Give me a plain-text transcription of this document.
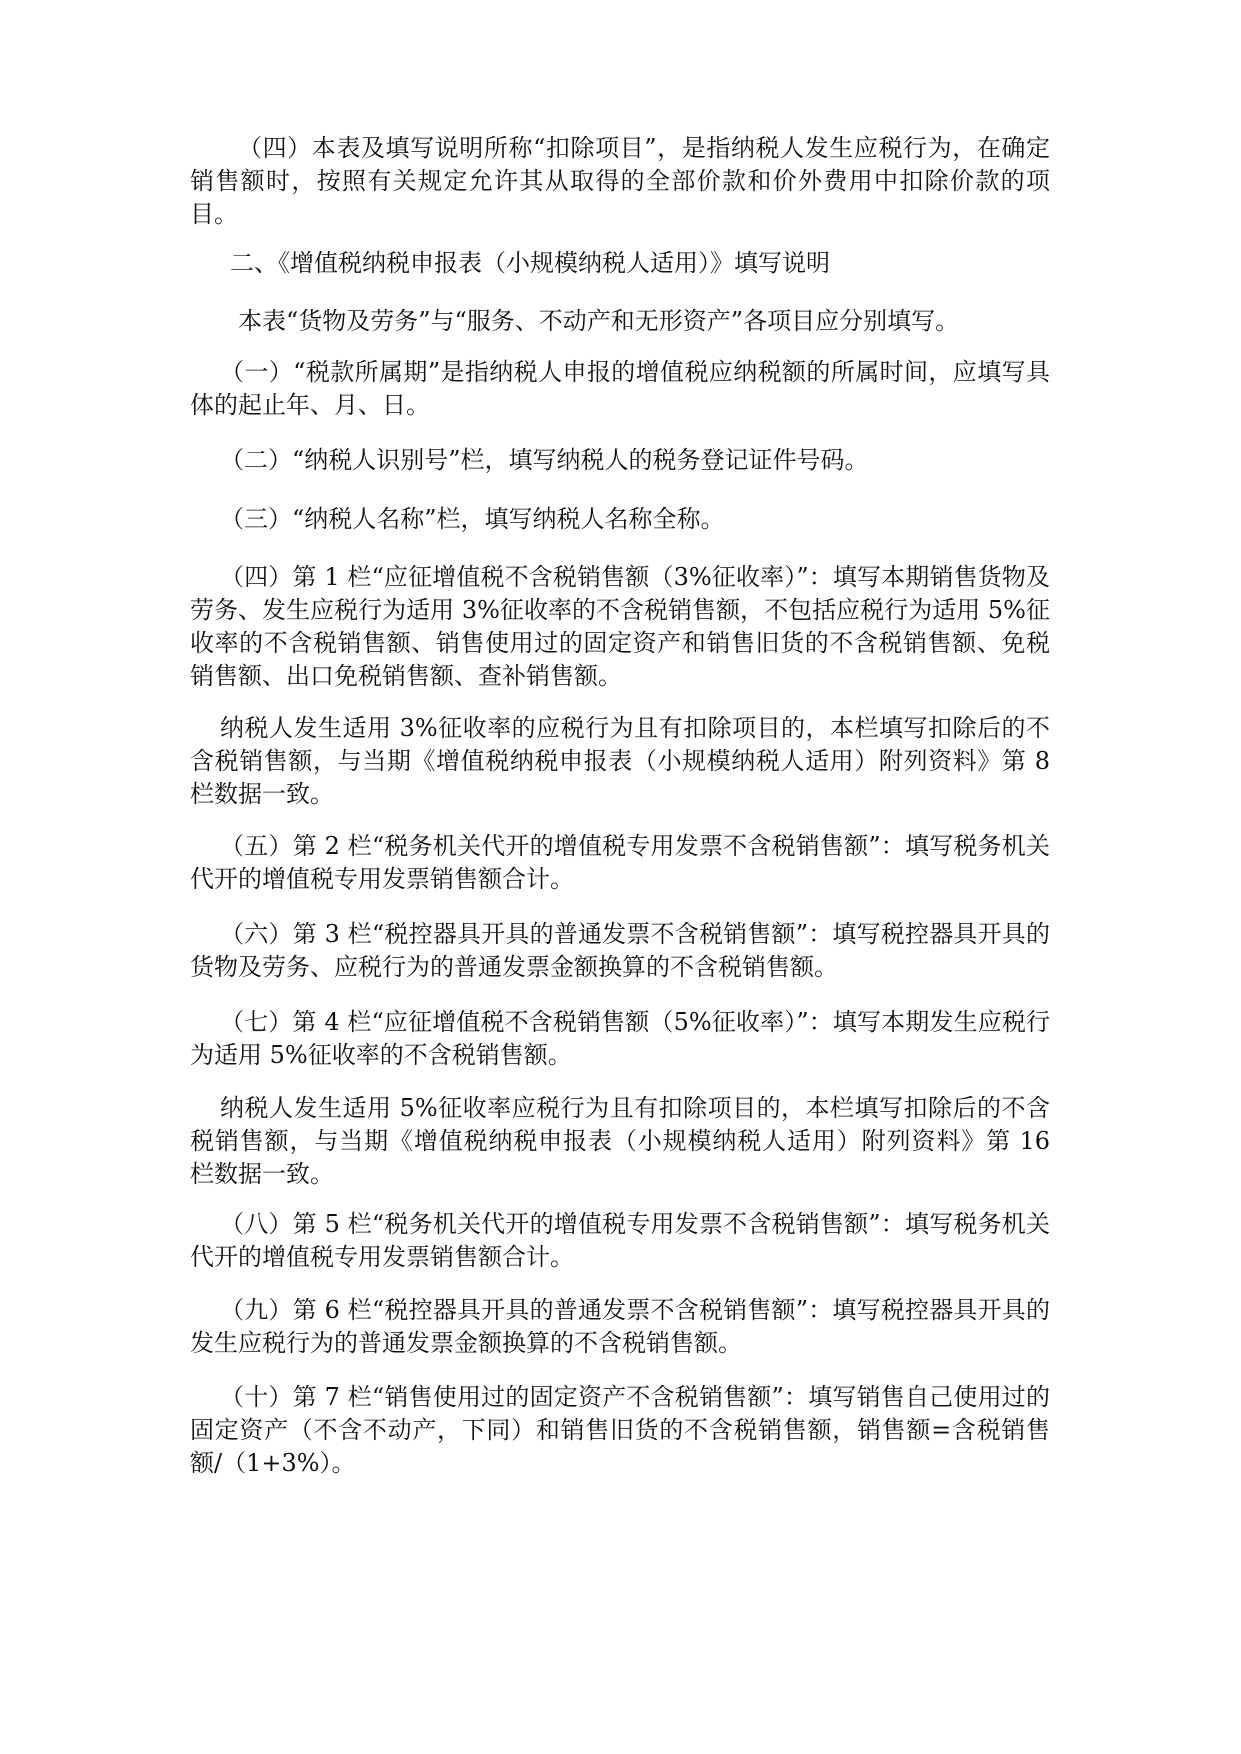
（四）本表及填写说明所称“扣除项目”，是指纳税人发生应税行为，在确定销售额时，按照有关规定允许其从取得的全部价款和价外费用中扣除价款的项目。

二、《增值税纳税申报表（小规模纳税人适用）》填写说明

本表“货物及劳务”与“服务、不动产和无形资产”各项目应分别填写。

（一）“税款所属期”是指纳税人申报的增值税应纳税额的所属时间，应填写具体的起止年、月、日。

（二）“纳税人识别号”栏，填写纳税人的税务登记证件号码。

（三）“纳税人名称”栏，填写纳税人名称全称。

（四）第 1 栏“应征增值税不含税销售额（3%征收率）”：填写本期销售货物及劳务、发生应税行为适用 3%征收率的不含税销售额，不包括应税行为适用 5%征收率的不含税销售额、销售使用过的固定资产和销售旧货的不含税销售额、免税销售额、出口免税销售额、查补销售额。

纳税人发生适用 3%征收率的应税行为且有扣除项目的，本栏填写扣除后的不含税销售额，与当期《增值税纳税申报表（小规模纳税人适用）附列资料》第 8 栏数据一致。

（五）第 2 栏“税务机关代开的增值税专用发票不含税销售额”：填写税务机关代开的增值税专用发票销售额合计。

（六）第 3 栏“税控器具开具的普通发票不含税销售额”：填写税控器具开具的货物及劳务、应税行为的普通发票金额换算的不含税销售额。

（七）第 4 栏“应征增值税不含税销售额（5%征收率）”：填写本期发生应税行为适用 5%征收率的不含税销售额。

纳税人发生适用 5%征收率应税行为且有扣除项目的，本栏填写扣除后的不含税销售额，与当期《增值税纳税申报表（小规模纳税人适用）附列资料》第 16 栏数据一致。

（八）第 5 栏“税务机关代开的增值税专用发票不含税销售额”：填写税务机关代开的增值税专用发票销售额合计。

（九）第 6 栏“税控器具开具的普通发票不含税销售额”：填写税控器具开具的发生应税行为的普通发票金额换算的不含税销售额。

（十）第 7 栏“销售使用过的固定资产不含税销售额”：填写销售自己使用过的固定资产（不含不动产，下同）和销售旧货的不含税销售额，销售额=含税销售额/（1+3%）。
